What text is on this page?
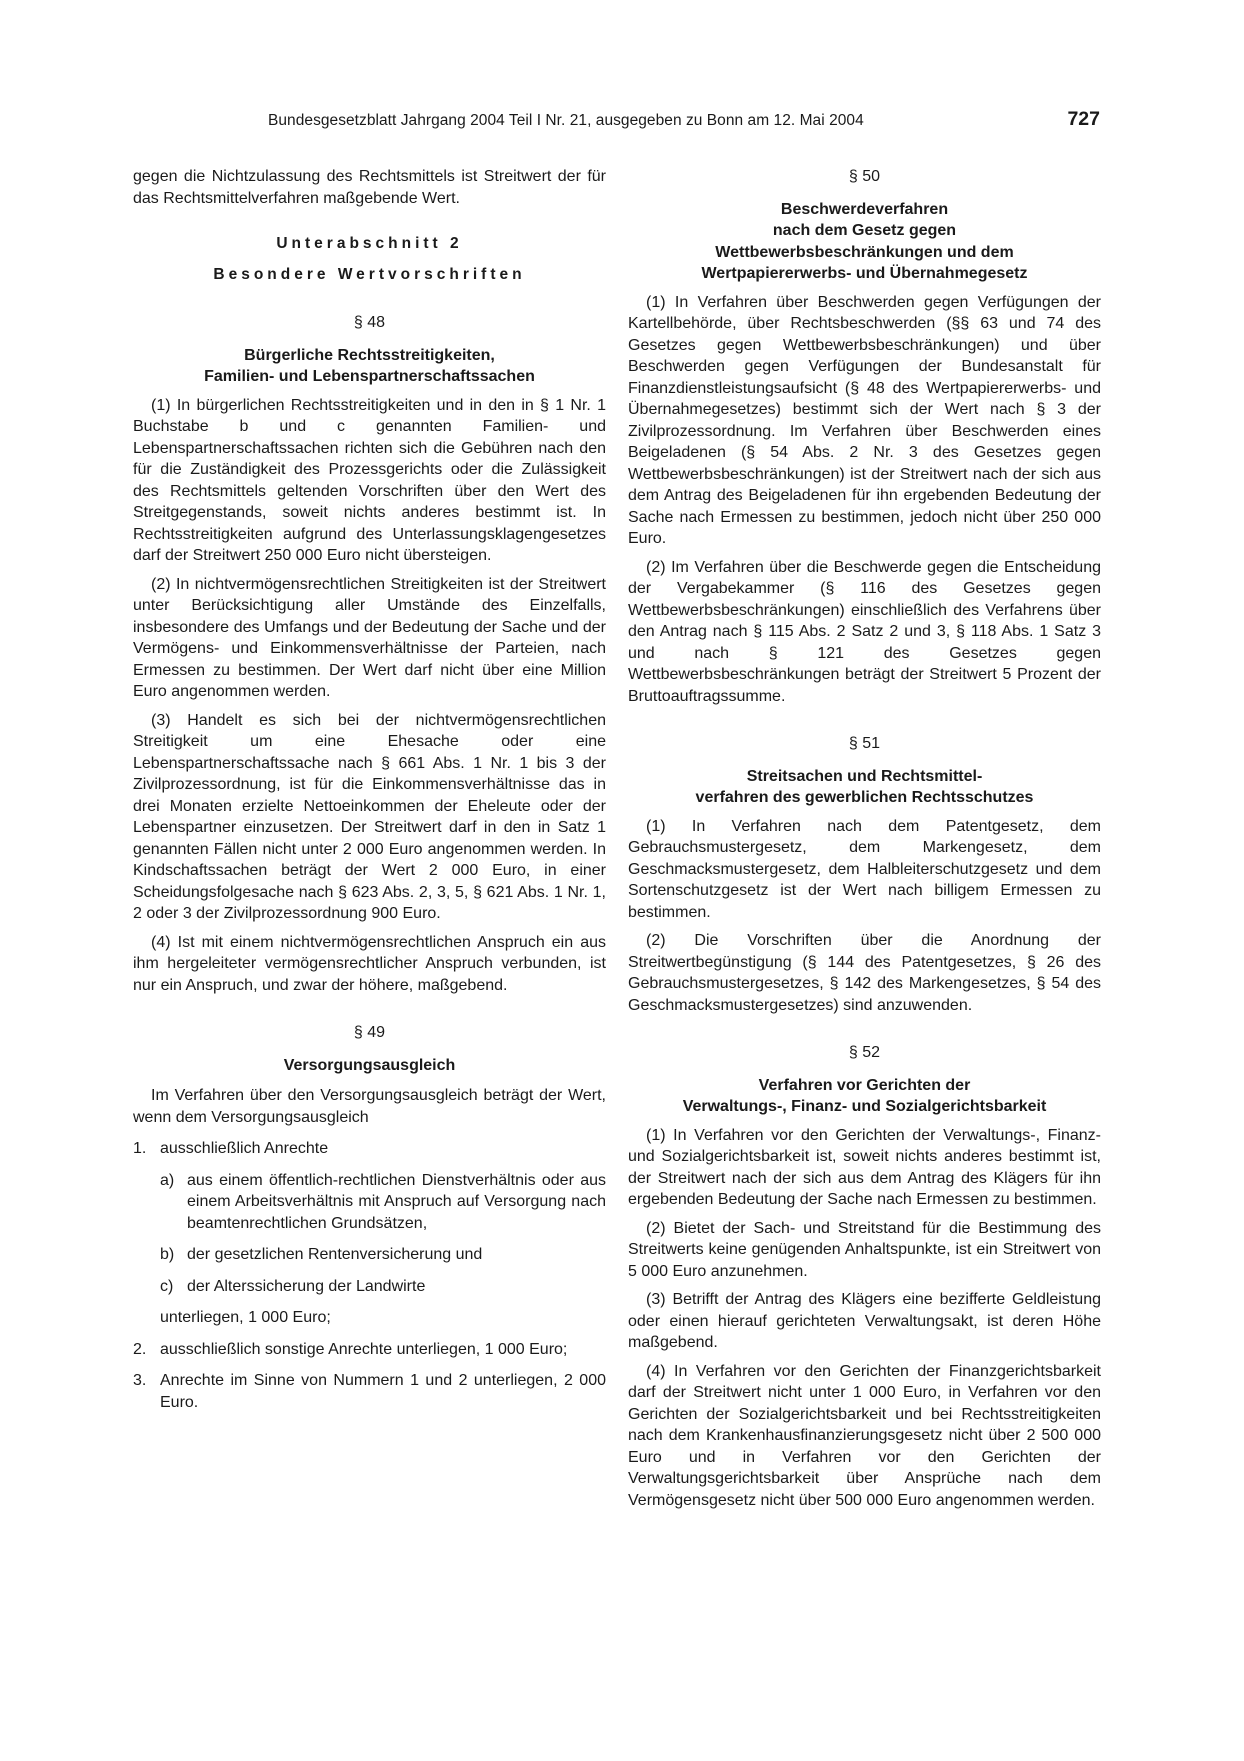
Bundesgesetzblatt Jahrgang 2004 Teil I Nr. 21, ausgegeben zu Bonn am 12. Mai 2004	727

gegen die Nichtzulassung des Rechtsmittels ist Streitwert der für das Rechtsmittelverfahren maßgebende Wert.

Unterabschnitt 2
Besondere Wertvorschriften
§ 48
Bürgerliche Rechtsstreitigkeiten,
Familien- und Lebenspartnerschaftssachen

(1) In bürgerlichen Rechtsstreitigkeiten und in den in § 1 Nr. 1 Buchstabe b und c genannten Familien- und Lebenspartnerschaftssachen richten sich die Gebühren nach den für die Zuständigkeit des Prozessgerichts oder die Zulässigkeit des Rechtsmittels geltenden Vorschriften über den Wert des Streitgegenstands, soweit nichts anderes bestimmt ist. In Rechtsstreitigkeiten aufgrund des Unterlassungsklagengesetzes darf der Streitwert 250 000 Euro nicht übersteigen.

(2) In nichtvermögensrechtlichen Streitigkeiten ist der Streitwert unter Berücksichtigung aller Umstände des Einzelfalls, insbesondere des Umfangs und der Bedeutung der Sache und der Vermögens- und Einkommensverhältnisse der Parteien, nach Ermessen zu bestimmen. Der Wert darf nicht über eine Million Euro angenommen werden.

(3) Handelt es sich bei der nichtvermögensrechtlichen Streitigkeit um eine Ehesache oder eine Lebenspartnerschaftssache nach § 661 Abs. 1 Nr. 1 bis 3 der Zivilprozessordnung, ist für die Einkommensverhältnisse das in drei Monaten erzielte Nettoeinkommen der Eheleute oder der Lebenspartner einzusetzen. Der Streitwert darf in den in Satz 1 genannten Fällen nicht unter 2 000 Euro angenommen werden. In Kindschaftssachen beträgt der Wert 2 000 Euro, in einer Scheidungsfolgesache nach § 623 Abs. 2, 3, 5, § 621 Abs. 1 Nr. 1, 2 oder 3 der Zivilprozessordnung 900 Euro.

(4) Ist mit einem nichtvermögensrechtlichen Anspruch ein aus ihm hergeleiteter vermögensrechtlicher Anspruch verbunden, ist nur ein Anspruch, und zwar der höhere, maßgebend.

§ 49
Versorgungsausgleich

Im Verfahren über den Versorgungsausgleich beträgt der Wert, wenn dem Versorgungsausgleich

1. ausschließlich Anrechte
a) aus einem öffentlich-rechtlichen Dienstverhältnis oder aus einem Arbeitsverhältnis mit Anspruch auf Versorgung nach beamtenrechtlichen Grundsätzen,
b) der gesetzlichen Rentenversicherung und
c) der Alterssicherung der Landwirte
unterliegen, 1 000 Euro;
2. ausschließlich sonstige Anrechte unterliegen, 1 000 Euro;
3. Anrechte im Sinne von Nummern 1 und 2 unterliegen, 2 000 Euro.
§ 50
Beschwerdeverfahren
nach dem Gesetz gegen
Wettbewerbsbeschränkungen und dem
Wertpapiererwerbs- und Übernahmegesetz

(1) In Verfahren über Beschwerden gegen Verfügungen der Kartellbehörde, über Rechtsbeschwerden (§§ 63 und 74 des Gesetzes gegen Wettbewerbsbeschränkungen) und über Beschwerden gegen Verfügungen der Bundesanstalt für Finanzdienstleistungsaufsicht (§ 48 des Wertpapiererwerbs- und Übernahmegesetzes) bestimmt sich der Wert nach § 3 der Zivilprozessordnung. Im Verfahren über Beschwerden eines Beigeladenen (§ 54 Abs. 2 Nr. 3 des Gesetzes gegen Wettbewerbsbeschränkungen) ist der Streitwert nach der sich aus dem Antrag des Beigeladenen für ihn ergebenden Bedeutung der Sache nach Ermessen zu bestimmen, jedoch nicht über 250 000 Euro.

(2) Im Verfahren über die Beschwerde gegen die Entscheidung der Vergabekammer (§ 116 des Gesetzes gegen Wettbewerbsbeschränkungen) einschließlich des Verfahrens über den Antrag nach § 115 Abs. 2 Satz 2 und 3, § 118 Abs. 1 Satz 3 und nach § 121 des Gesetzes gegen Wettbewerbsbeschränkungen beträgt der Streitwert 5 Prozent der Bruttoauftragssumme.

§ 51
Streitsachen und Rechtsmittel-
verfahren des gewerblichen Rechtsschutzes

(1) In Verfahren nach dem Patentgesetz, dem Gebrauchsmustergesetz, dem Markengesetz, dem Geschmacksmustergesetz, dem Halbleiterschutzgesetz und dem Sortenschutzgesetz ist der Wert nach billigem Ermessen zu bestimmen.

(2) Die Vorschriften über die Anordnung der Streitwertbegünstigung (§ 144 des Patentgesetzes, § 26 des Gebrauchsmustergesetzes, § 142 des Markengesetzes, § 54 des Geschmacksmustergesetzes) sind anzuwenden.

§ 52
Verfahren vor Gerichten der
Verwaltungs-, Finanz- und Sozialgerichtsbarkeit

(1) In Verfahren vor den Gerichten der Verwaltungs-, Finanz- und Sozialgerichtsbarkeit ist, soweit nichts anderes bestimmt ist, der Streitwert nach der sich aus dem Antrag des Klägers für ihn ergebenden Bedeutung der Sache nach Ermessen zu bestimmen.

(2) Bietet der Sach- und Streitstand für die Bestimmung des Streitwerts keine genügenden Anhaltspunkte, ist ein Streitwert von 5 000 Euro anzunehmen.

(3) Betrifft der Antrag des Klägers eine bezifferte Geldleistung oder einen hierauf gerichteten Verwaltungsakt, ist deren Höhe maßgebend.

(4) In Verfahren vor den Gerichten der Finanzgerichtsbarkeit darf der Streitwert nicht unter 1 000 Euro, in Verfahren vor den Gerichten der Sozialgerichtsbarkeit und bei Rechtsstreitigkeiten nach dem Krankenhausfinanzierungsgesetz nicht über 2 500 000 Euro und in Verfahren vor den Gerichten der Verwaltungsgerichtsbarkeit über Ansprüche nach dem Vermögensgesetz nicht über 500 000 Euro angenommen werden.
